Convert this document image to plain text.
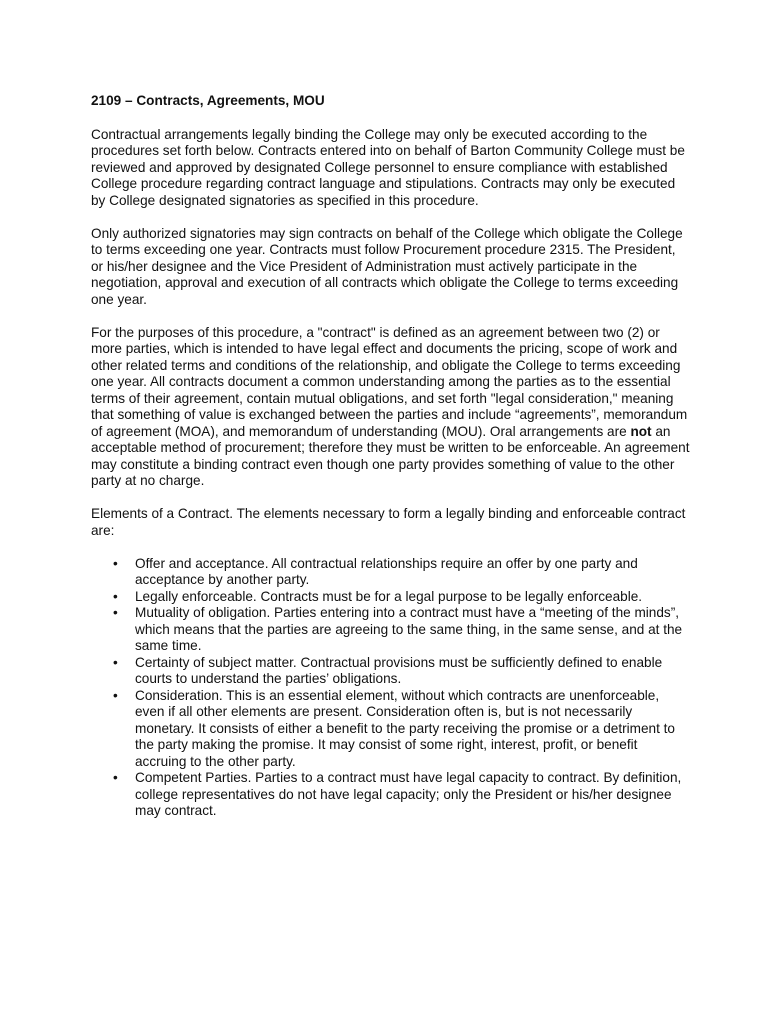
2109 – Contracts, Agreements, MOU

Contractual arrangements legally binding the College may only be executed according to the procedures set forth below. Contracts entered into on behalf of Barton Community College must be reviewed and approved by designated College personnel to ensure compliance with established College procedure regarding contract language and stipulations. Contracts may only be executed by College designated signatories as specified in this procedure.

Only authorized signatories may sign contracts on behalf of the College which obligate the College to terms exceeding one year. Contracts must follow Procurement procedure 2315. The President, or his/her designee and the Vice President of Administration must actively participate in the negotiation, approval and execution of all contracts which obligate the College to terms exceeding one year.

For the purposes of this procedure, a "contract" is defined as an agreement between two (2) or more parties, which is intended to have legal effect and documents the pricing, scope of work and other related terms and conditions of the relationship, and obligate the College to terms exceeding one year. All contracts document a common understanding among the parties as to the essential terms of their agreement, contain mutual obligations, and set forth "legal consideration," meaning that something of value is exchanged between the parties and include “agreements”, memorandum of agreement (MOA), and memorandum of understanding (MOU). Oral arrangements are not an acceptable method of procurement; therefore they must be written to be enforceable. An agreement may constitute a binding contract even though one party provides something of value to the other party at no charge.

Elements of a Contract. The elements necessary to form a legally binding and enforceable contract are:

• Offer and acceptance. All contractual relationships require an offer by one party and acceptance by another party.
• Legally enforceable. Contracts must be for a legal purpose to be legally enforceable.
• Mutuality of obligation. Parties entering into a contract must have a “meeting of the minds”, which means that the parties are agreeing to the same thing, in the same sense, and at the same time.
• Certainty of subject matter. Contractual provisions must be sufficiently defined to enable courts to understand the parties’ obligations.
• Consideration. This is an essential element, without which contracts are unenforceable, even if all other elements are present. Consideration often is, but is not necessarily monetary. It consists of either a benefit to the party receiving the promise or a detriment to the party making the promise. It may consist of some right, interest, profit, or benefit accruing to the other party.
• Competent Parties. Parties to a contract must have legal capacity to contract. By definition, college representatives do not have legal capacity; only the President or his/her designee may contract.
